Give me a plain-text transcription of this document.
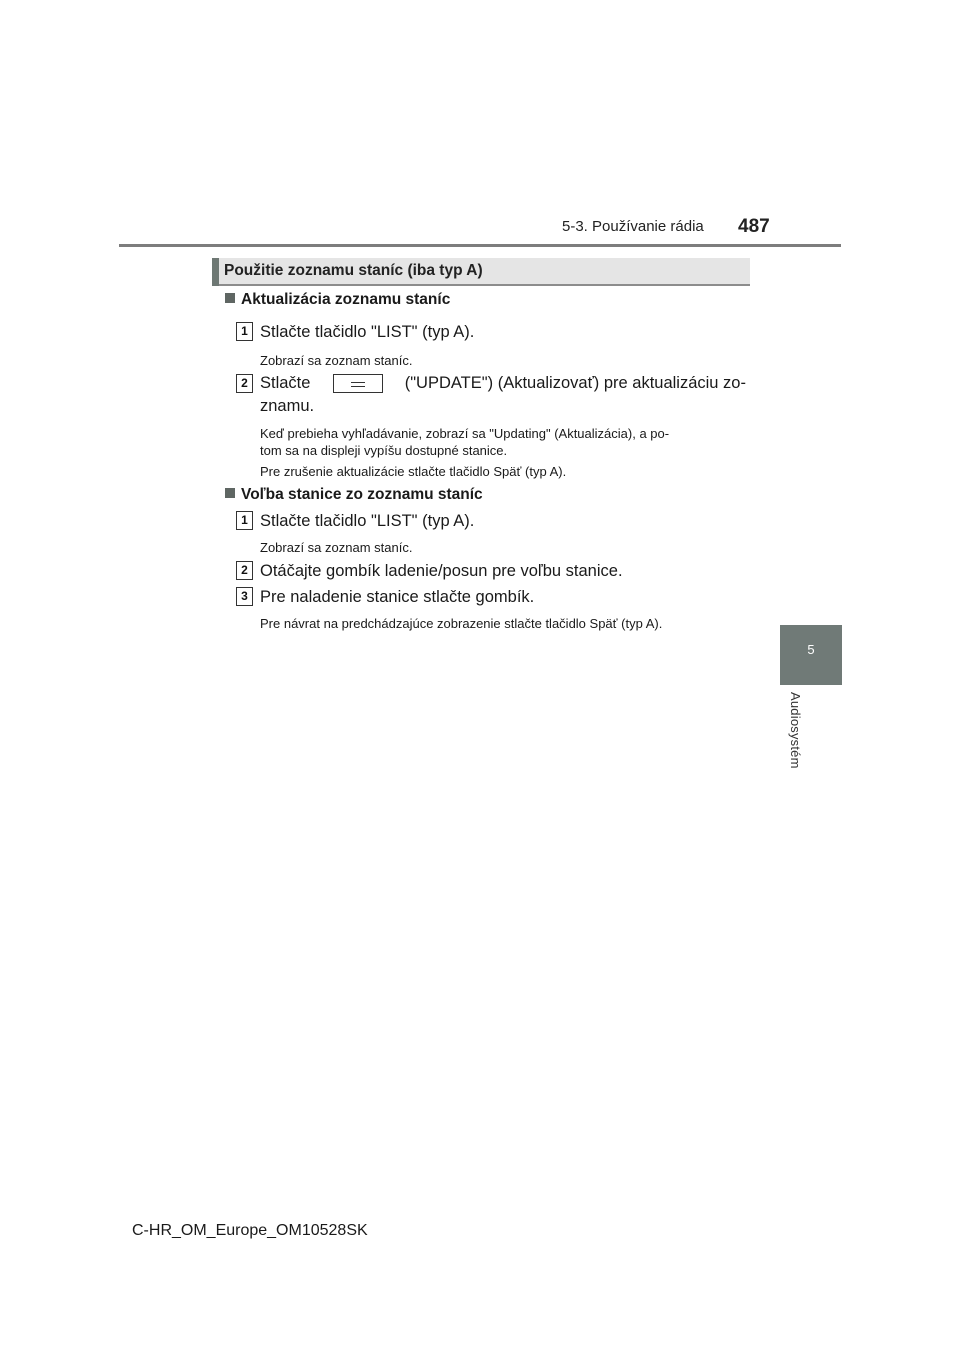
5-3. Používanie rádia 487
5
Audiosystém
Použitie zoznamu staníc (iba typ A)
Aktualizácia zoznamu staníc
1 Stlačte tlačidlo "LIST" (typ A).
Zobrazí sa zoznam staníc.
2 Stlačte	("UPDATE") (Aktualizovať) pre aktualizáciu zo-
znamu.
Keď prebieha vyhľadávanie, zobrazí sa "Updating" (Aktualizácia), a po-
tom sa na displeji vypíšu dostupné stanice.
Pre zrušenie aktualizácie stlačte tlačidlo Späť (typ A).
Voľba stanice zo zoznamu staníc
1 Stlačte tlačidlo "LIST" (typ A).
Zobrazí sa zoznam staníc.
2 Otáčajte gombík ladenie/posun pre voľbu stanice.
3 Pre naladenie stanice stlačte gombík.
Pre návrat na predchádzajúce zobrazenie stlačte tlačidlo Späť (typ A).
C-HR_OM_Europe_OM10528SK
